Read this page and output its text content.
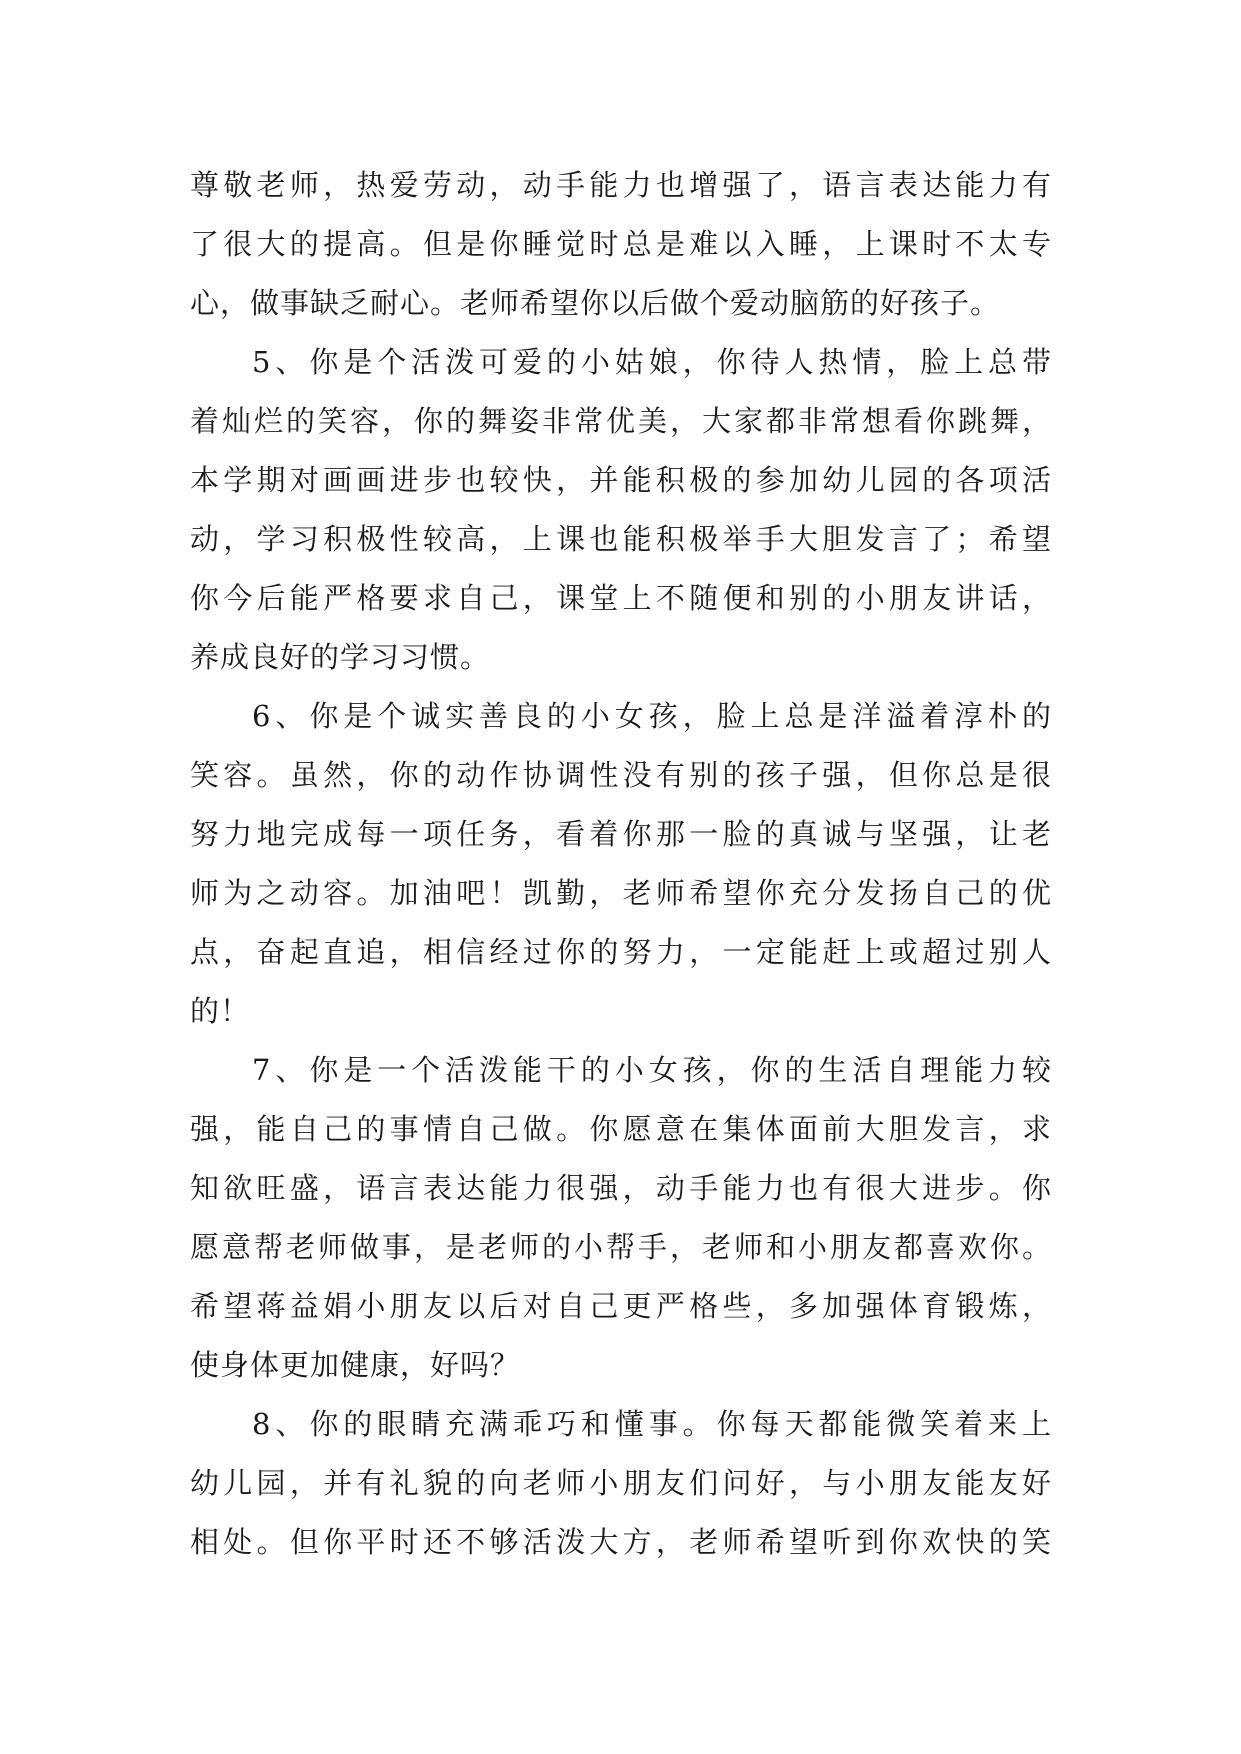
尊敬老师，热爱劳动，动手能力也增强了，语言表达能力有
了很大的提高。但是你睡觉时总是难以入睡，上课时不太专
心，做事缺乏耐心。老师希望你以后做个爱动脑筋的好孩子。
5、你是个活泼可爱的小姑娘，你待人热情，脸上总带
着灿烂的笑容，你的舞姿非常优美，大家都非常想看你跳舞，
本学期对画画进步也较快，并能积极的参加幼儿园的各项活
动，学习积极性较高，上课也能积极举手大胆发言了；希望
你今后能严格要求自己，课堂上不随便和别的小朋友讲话，
养成良好的学习习惯。
6、你是个诚实善良的小女孩，脸上总是洋溢着淳朴的
笑容。虽然，你的动作协调性没有别的孩子强，但你总是很
努力地完成每一项任务，看着你那一脸的真诚与坚强，让老
师为之动容。加油吧！凯勤，老师希望你充分发扬自己的优
点，奋起直追，相信经过你的努力，一定能赶上或超过别人
的！
7、你是一个活泼能干的小女孩，你的生活自理能力较
强，能自己的事情自己做。你愿意在集体面前大胆发言，求
知欲旺盛，语言表达能力很强，动手能力也有很大进步。你
愿意帮老师做事，是老师的小帮手，老师和小朋友都喜欢你。
希望蒋益娟小朋友以后对自己更严格些，多加强体育锻炼，
使身体更加健康，好吗？
8、你的眼睛充满乖巧和懂事。你每天都能微笑着来上
幼儿园，并有礼貌的向老师小朋友们问好，与小朋友能友好
相处。但你平时还不够活泼大方，老师希望听到你欢快的笑
